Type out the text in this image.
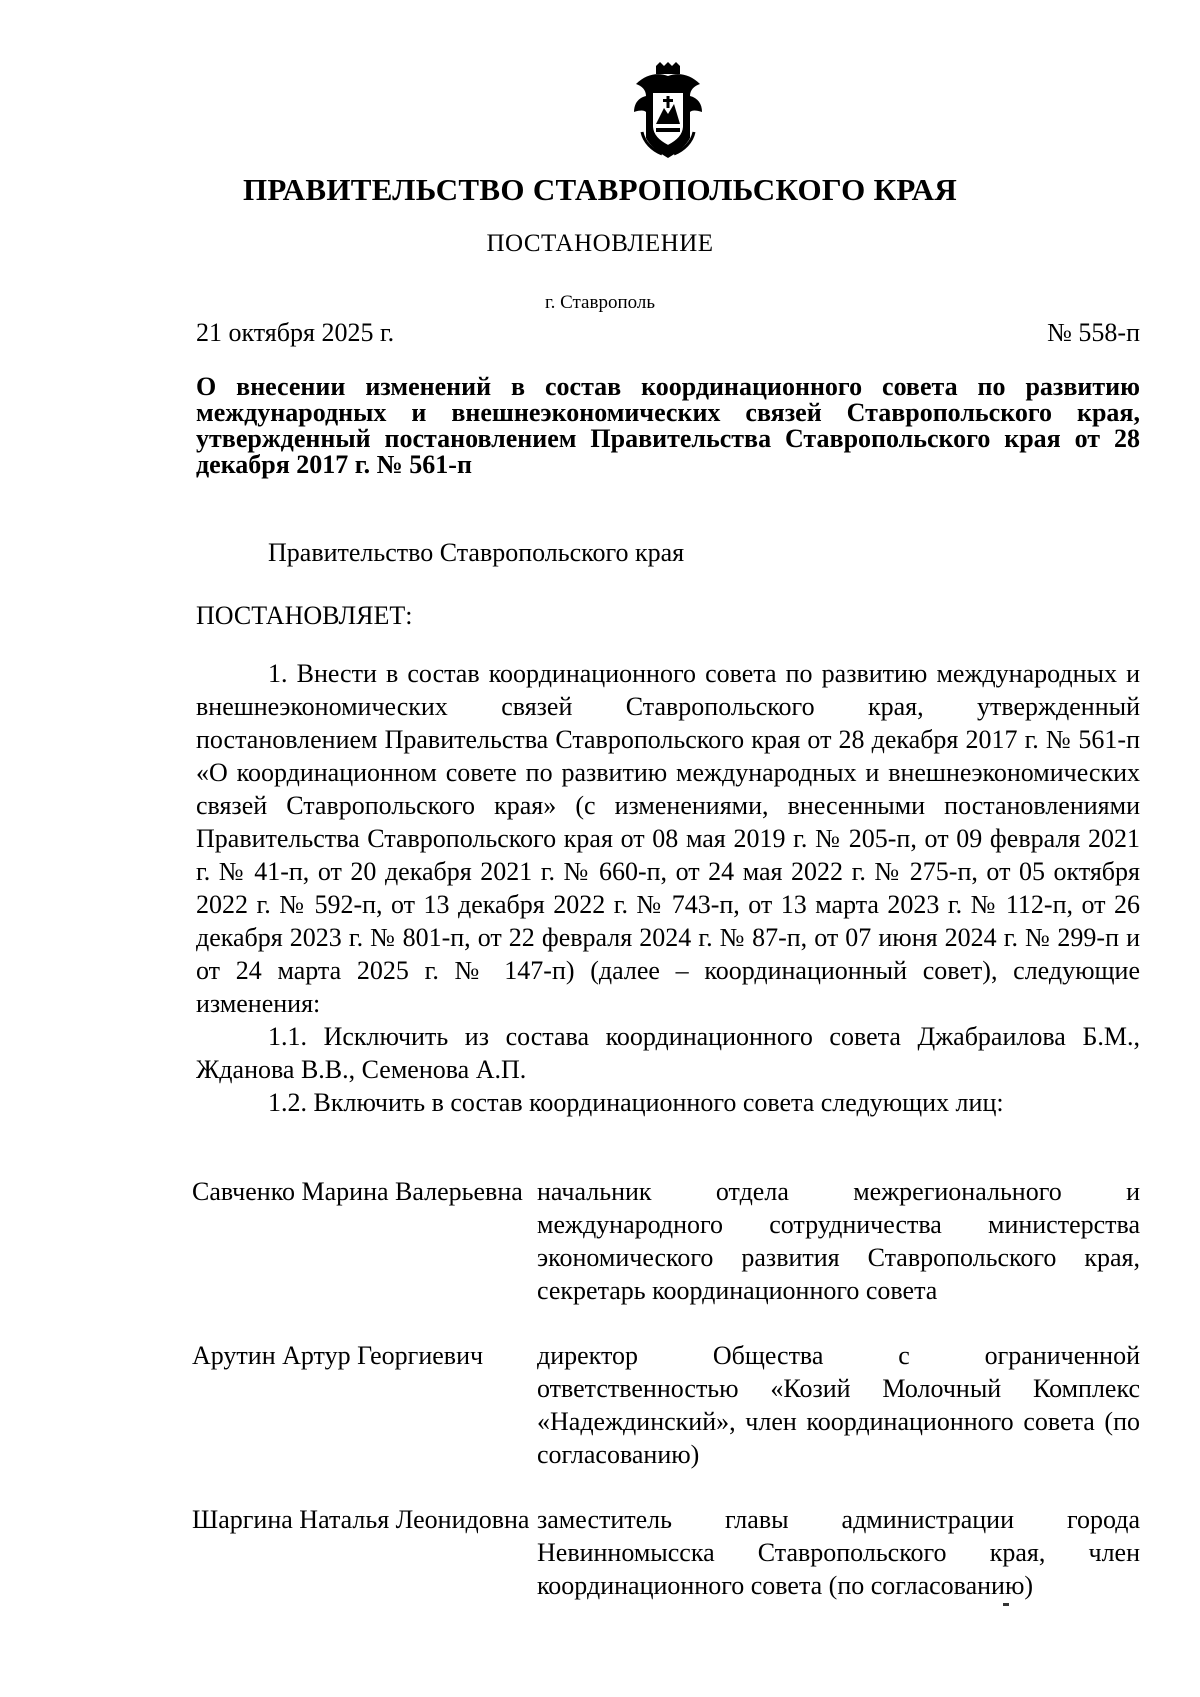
ПРАВИТЕЛЬСТВО СТАВРОПОЛЬСКОГО КРАЯ
ПОСТАНОВЛЕНИЕ
г. Ставрополь
21 октября 2025 г.	№ 558-п

О внесении изменений в состав координационного совета по развитию международных и внешнеэкономических связей Ставропольского края, утвержденный постановлением Правительства Ставропольского края от 28 декабря 2017 г. № 561-п

Правительство Ставропольского края
ПОСТАНОВЛЯЕТ:

1. Внести в состав координационного совета по развитию международных и внешнеэкономических связей Ставропольского края, утвержденный постановлением Правительства Ставропольского края от 28 декабря 2017 г. № 561-п «О координационном совете по развитию международных и внешнеэкономических связей Ставропольского края» (с изменениями, внесенными постановлениями Правительства Ставропольского края от 08 мая 2019 г. № 205-п, от 09 февраля 2021 г. № 41-п, от 20 декабря 2021 г. № 660-п, от 24 мая 2022 г. № 275-п, от 05 октября 2022 г. № 592-п, от 13 декабря 2022 г. № 743-п, от 13 марта 2023 г. № 112-п, от 26 декабря 2023 г. № 801-п, от 22 февраля 2024 г. № 87-п, от 07 июня 2024 г. № 299-п и от 24 марта 2025 г. № 147-п) (далее – координационный совет), следующие изменения:

1.1. Исключить из состава координационного совета Джабраилова Б.М., Жданова В.В., Семенова А.П.

1.2. Включить в состав координационного совета следующих лиц:

Савченко Марина Валерьевна начальник отдела межрегионального и международного сотрудничества министерства экономического развития Ставропольского края, секретарь координационного совета
Арутин Артур Георгиевич	директор Общества с ограниченной ответственностью «Козий Молочный Комплекс «Надеждинский», член координационного совета (по согласованию)
Шаргина Наталья Леонидовна заместитель главы администрации города Невинномысска Ставропольского края, член координационного совета (по согласованию)
